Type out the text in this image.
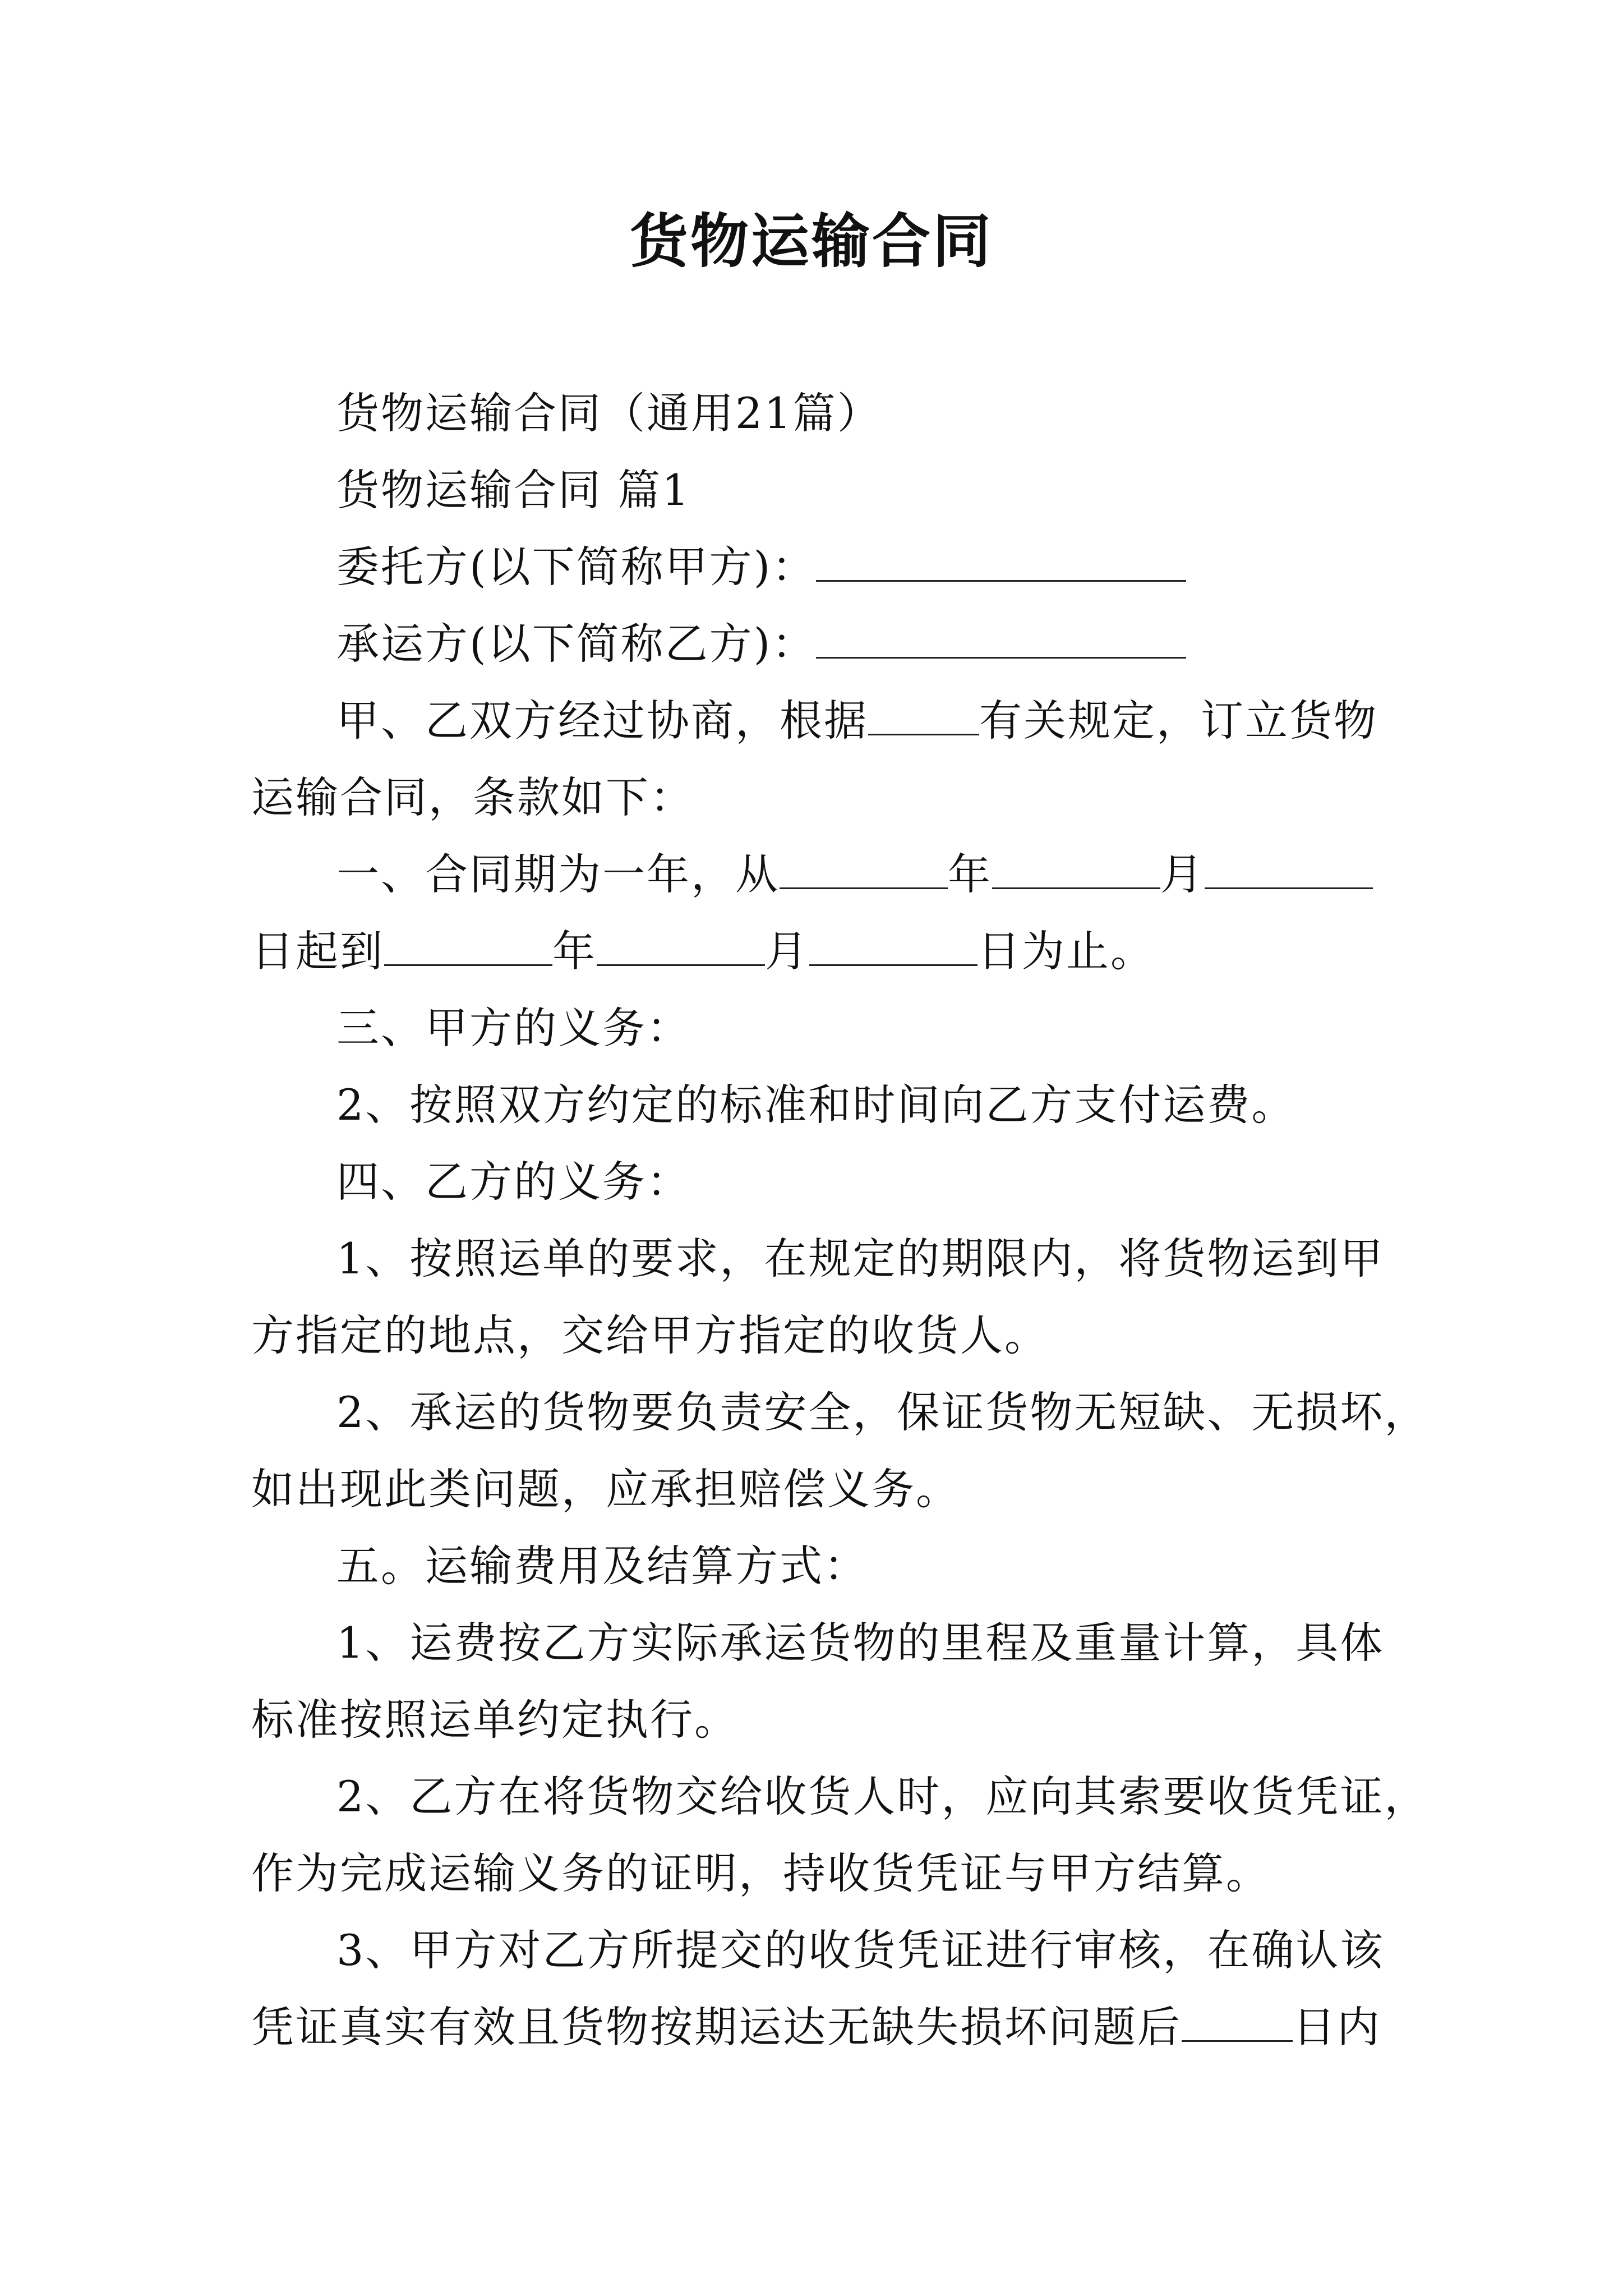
货物运输合同
货物运输合同（通用21篇）
货物运输合同 篇1
委托方(以下简称甲方)：
承运方(以下简称乙方)：
甲、乙双方经过协商，根据	有关规定，订立货物
运输合同，条款如下：
一、合同期为一年，从	年	月
日起到	年	月	日为止。
三、甲方的义务：
2、按照双方约定的标准和时间向乙方支付运费。
四、乙方的义务：
1、按照运单的要求，在规定的期限内，将货物运到甲
方指定的地点，交给甲方指定的收货人。
2、承运的货物要负责安全，保证货物无短缺、无损坏，
如出现此类问题，应承担赔偿义务。
五。运输费用及结算方式：
1、运费按乙方实际承运货物的里程及重量计算，具体
标准按照运单约定执行。
2、乙方在将货物交给收货人时，应向其索要收货凭证，
作为完成运输义务的证明，持收货凭证与甲方结算。
3、甲方对乙方所提交的收货凭证进行审核，在确认该
凭证真实有效且货物按期运达无缺失损坏问题后	日内
